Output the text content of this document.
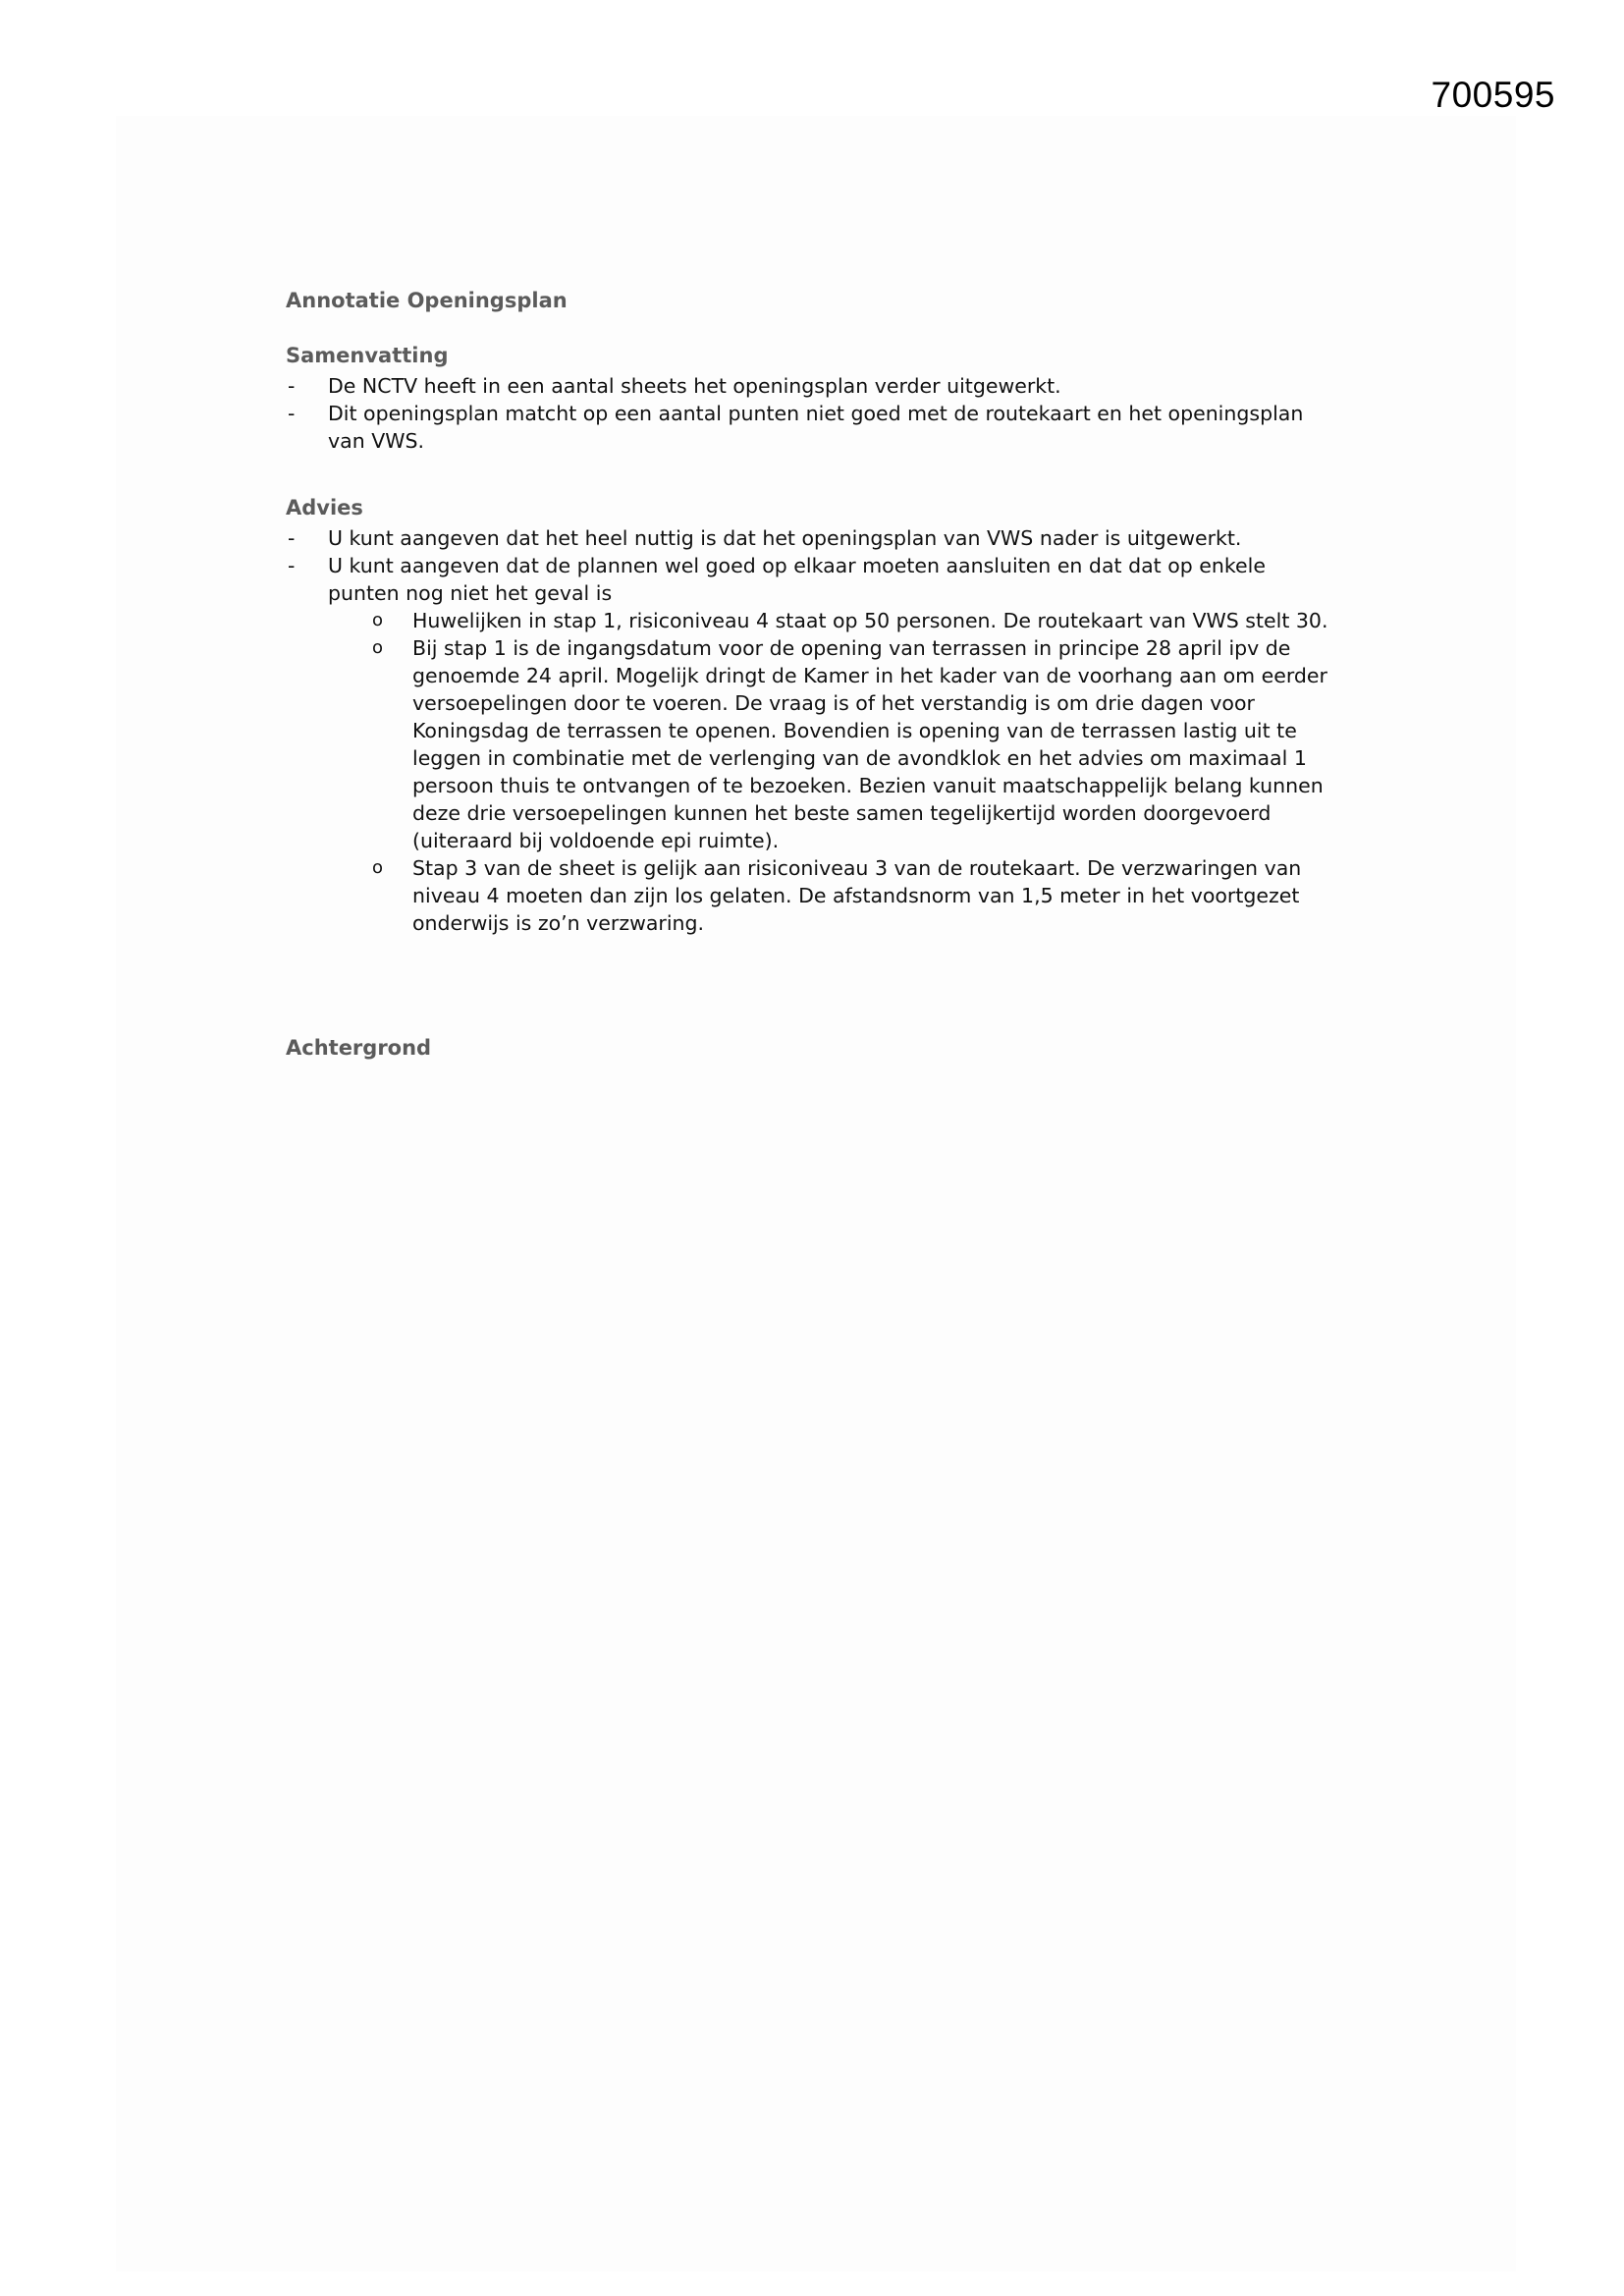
700595
Annotatie Openingsplan
Samenvatting
-	De NCTV heeft in een aantal sheets het openingsplan verder uitgewerkt.
-	Dit openingsplan matcht op een aantal punten niet goed met de routekaart en het openingsplan van VWS.
Advies
-	U kunt aangeven dat het heel nuttig is dat het openingsplan van VWS nader is uitgewerkt.
-	U kunt aangeven dat de plannen wel goed op elkaar moeten aansluiten en dat dat op enkele punten nog niet het geval is
o	Huwelijken in stap 1, risiconiveau 4 staat op 50 personen. De routekaart van VWS stelt 30.
o	Bij stap 1 is de ingangsdatum voor de opening van terrassen in principe 28 april ipv de genoemde 24 april. Mogelijk dringt de Kamer in het kader van de voorhang aan om eerder versoepelingen door te voeren. De vraag is of het verstandig is om drie dagen voor Koningsdag de terrassen te openen. Bovendien is opening van de terrassen lastig uit te leggen in combinatie met de verlenging van de avondklok en het advies om maximaal 1 persoon thuis te ontvangen of te bezoeken. Bezien vanuit maatschappelijk belang kunnen deze drie versoepelingen kunnen het beste samen tegelijkertijd worden doorgevoerd (uiteraard bij voldoende epi ruimte).
o	Stap 3 van de sheet is gelijk aan risiconiveau 3 van de routekaart. De verzwaringen van niveau 4 moeten dan zijn los gelaten. De afstandsnorm van 1,5 meter in het voortgezet onderwijs is zo’n verzwaring.
Achtergrond
